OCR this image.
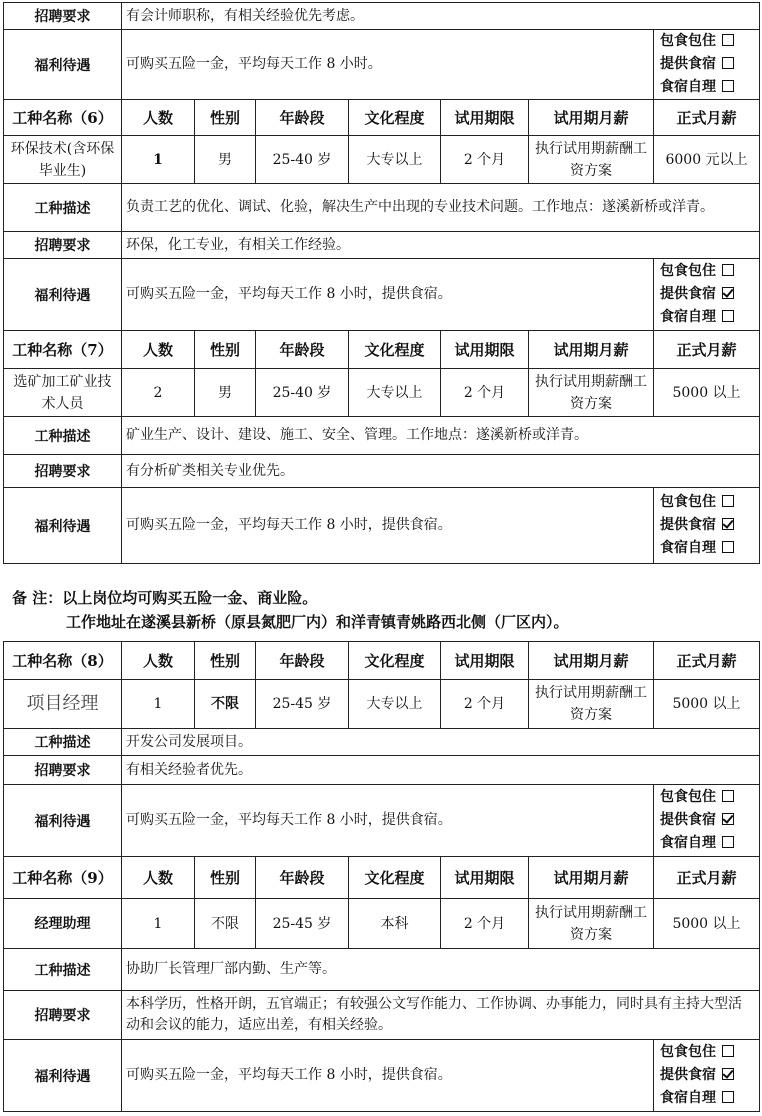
招聘要求	有会计师职称，有相关经验优先考虑。						
福利待遇	可购买五险一金，平均每天工作 8 小时。						包食包住
提供食宿
食宿自理

工种名称（6）	人数	性别	年龄段	文化程度	试用期限	试用期月薪	正式月薪
环保技术(含环保毕业生)	1	男	25-40 岁	大专以上	2 个月	执行试用期薪酬工资方案	6000 元以上
工种描述	负责工艺的优化、调试、化验，解决生产中出现的专业技术问题。工作地点：遂溪新桥或洋青。						
招聘要求	环保，化工专业，有相关工作经验。						
福利待遇	可购买五险一金，平均每天工作 8 小时，提供食宿。						包食包住
提供食宿
食宿自理

工种名称（7）	人数	性别	年龄段	文化程度	试用期限	试用期月薪	正式月薪
选矿加工矿业技术人员	2	男	25-40 岁	大专以上	2 个月	执行试用期薪酬工资方案	5000 以上
工种描述	矿业生产、设计、建设、施工、安全、管理。工作地点：遂溪新桥或洋青。						
招聘要求	有分析矿类相关专业优先。						
福利待遇	可购买五险一金，平均每天工作 8 小时，提供食宿。						包食包住
提供食宿
食宿自理
备 注：以上岗位均可购买五险一金、商业险。
工作地址在遂溪县新桥（原县氮肥厂内）和洋青镇青姚路西北侧（厂区内）。
工种名称（8）	人数	性别	年龄段	文化程度	试用期限	试用期月薪	正式月薪
项目经理	1	不限	25-45 岁	大专以上	2 个月	执行试用期薪酬工资方案	5000 以上
工种描述	开发公司发展项目。						
招聘要求	有相关经验者优先。						
福利待遇	可购买五险一金，平均每天工作 8 小时，提供食宿。						包食包住
提供食宿
食宿自理

工种名称（9）	人数	性别	年龄段	文化程度	试用期限	试用期月薪	正式月薪
经理助理	1	不限	25-45 岁	本科	2 个月	执行试用期薪酬工资方案	5000 以上
工种描述	协助厂长管理厂部内勤、生产等。						
招聘要求	本科学历，性格开朗，五官端正；有较强公文写作能力、工作协调、办事能力，同时具有主持大型活动和会议的能力，适应出差，有相关经验。						
福利待遇	可购买五险一金，平均每天工作 8 小时，提供食宿。						包食包住
提供食宿
食宿自理
